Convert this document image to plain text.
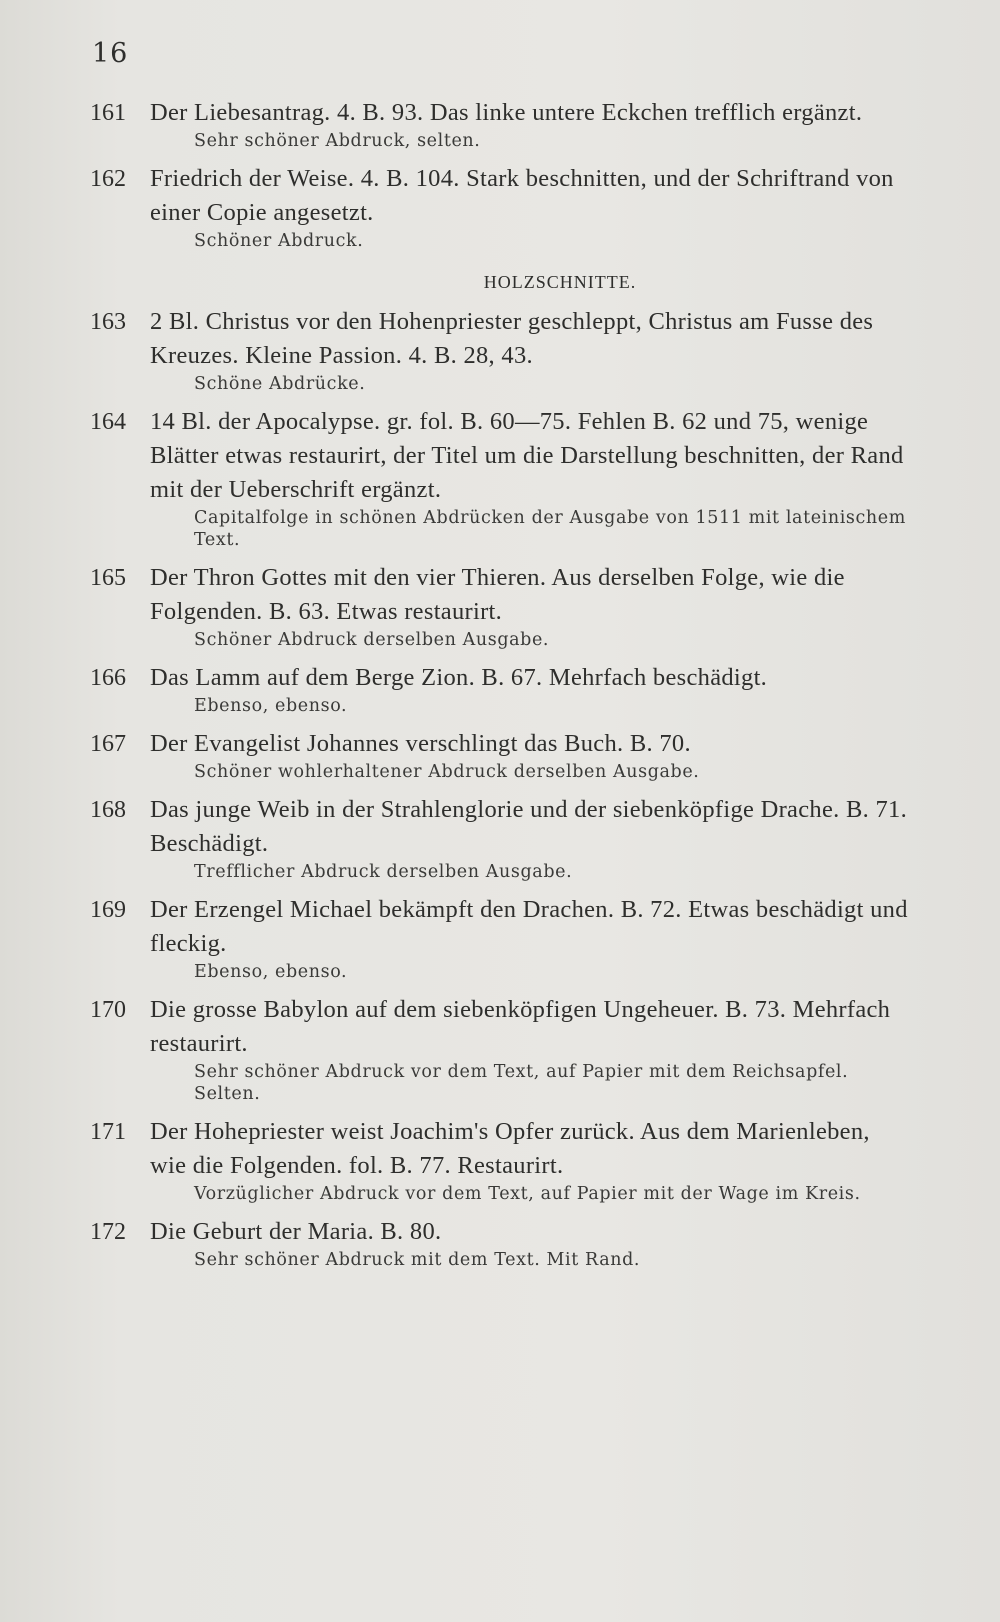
16
161 Der Liebesantrag. 4. B. 93. Das linke untere Eckchen trefflich ergänzt.
Sehr schöner Abdruck, selten.
162 Friedrich der Weise. 4. B. 104. Stark beschnitten, und der Schriftrand von einer Copie angesetzt.
Schöner Abdruck.
HOLZSCHNITTE.
163 2 Bl. Christus vor den Hohenpriester geschleppt, Christus am Fusse des Kreuzes. Kleine Passion. 4. B. 28, 43.
Schöne Abdrücke.
164 14 Bl. der Apocalypse. gr. fol. B. 60—75. Fehlen B. 62 und 75, wenige Blätter etwas restaurirt, der Titel um die Darstellung beschnitten, der Rand mit der Ueberschrift ergänzt.
Capitalfolge in schönen Abdrücken der Ausgabe von 1511 mit lateinischem Text.
165 Der Thron Gottes mit den vier Thieren. Aus derselben Folge, wie die Folgenden. B. 63. Etwas restaurirt.
Schöner Abdruck derselben Ausgabe.
166 Das Lamm auf dem Berge Zion. B. 67. Mehrfach beschädigt.
Ebenso, ebenso.
167 Der Evangelist Johannes verschlingt das Buch. B. 70.
Schöner wohlerhaltener Abdruck derselben Ausgabe.
168 Das junge Weib in der Strahlenglorie und der siebenköpfige Drache. B. 71. Beschädigt.
Trefflicher Abdruck derselben Ausgabe.
169 Der Erzengel Michael bekämpft den Drachen. B. 72. Etwas beschädigt und fleckig.
Ebenso, ebenso.
170 Die grosse Babylon auf dem siebenköpfigen Ungeheuer. B. 73. Mehrfach restaurirt.
Sehr schöner Abdruck vor dem Text, auf Papier mit dem Reichsapfel. Selten.
171 Der Hohepriester weist Joachim's Opfer zurück. Aus dem Marienleben, wie die Folgenden. fol. B. 77. Restaurirt.
Vorzüglicher Abdruck vor dem Text, auf Papier mit der Wage im Kreis.
172 Die Geburt der Maria. B. 80.
Sehr schöner Abdruck mit dem Text. Mit Rand.
